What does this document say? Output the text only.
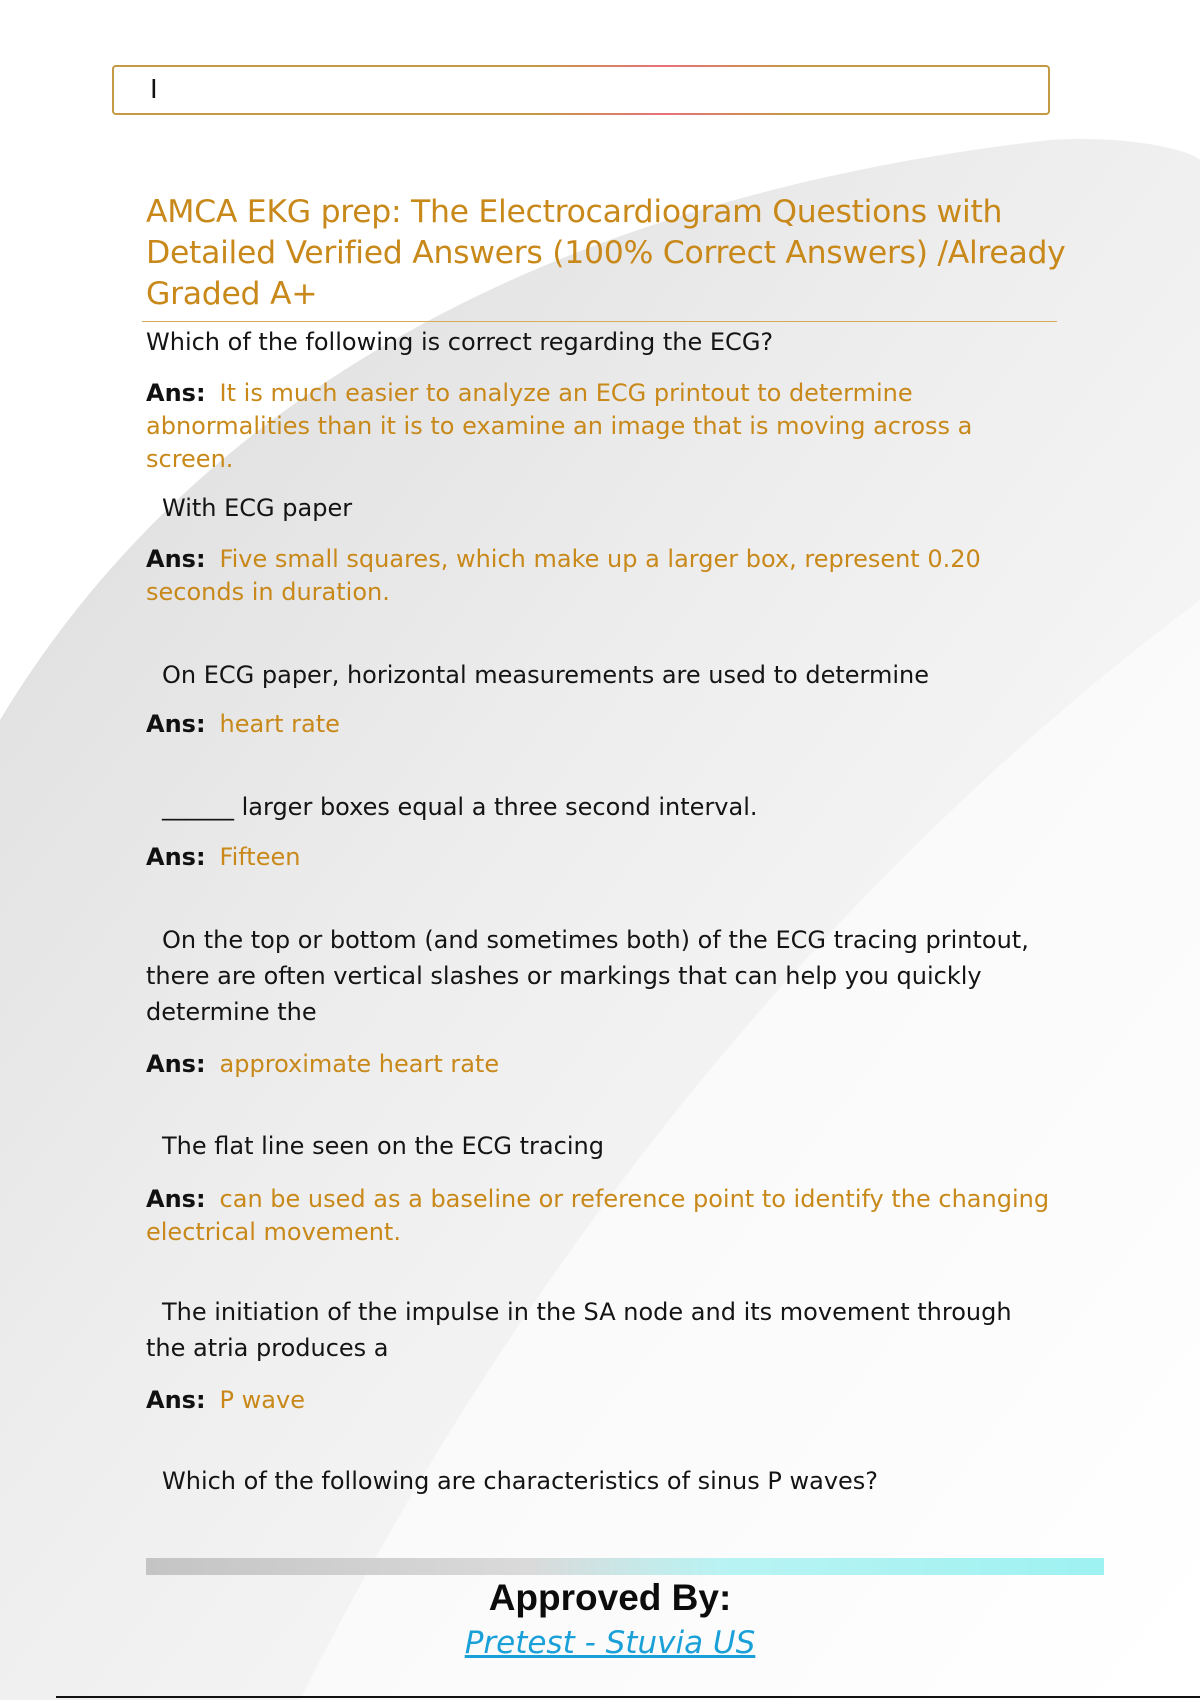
I
AMCA EKG prep: The Electrocardiogram Questions with Detailed Verified Answers (100% Correct Answers) /Already Graded A+
Which of the following is correct regarding the ECG?
Ans: It is much easier to analyze an ECG printout to determine abnormalities than it is to examine an image that is moving across a screen.
With ECG paper
Ans: Five small squares, which make up a larger box, represent 0.20 seconds in duration.
On ECG paper, horizontal measurements are used to determine
Ans: heart rate
______ larger boxes equal a three second interval.
Ans: Fifteen
On the top or bottom (and sometimes both) of the ECG tracing printout, there are often vertical slashes or markings that can help you quickly determine the
Ans: approximate heart rate
The flat line seen on the ECG tracing
Ans: can be used as a baseline or reference point to identify the changing electrical movement.
The initiation of the impulse in the SA node and its movement through the atria produces a
Ans: P wave
Which of the following are characteristics of sinus P waves?
Approved By:
Pretest - Stuvia US
